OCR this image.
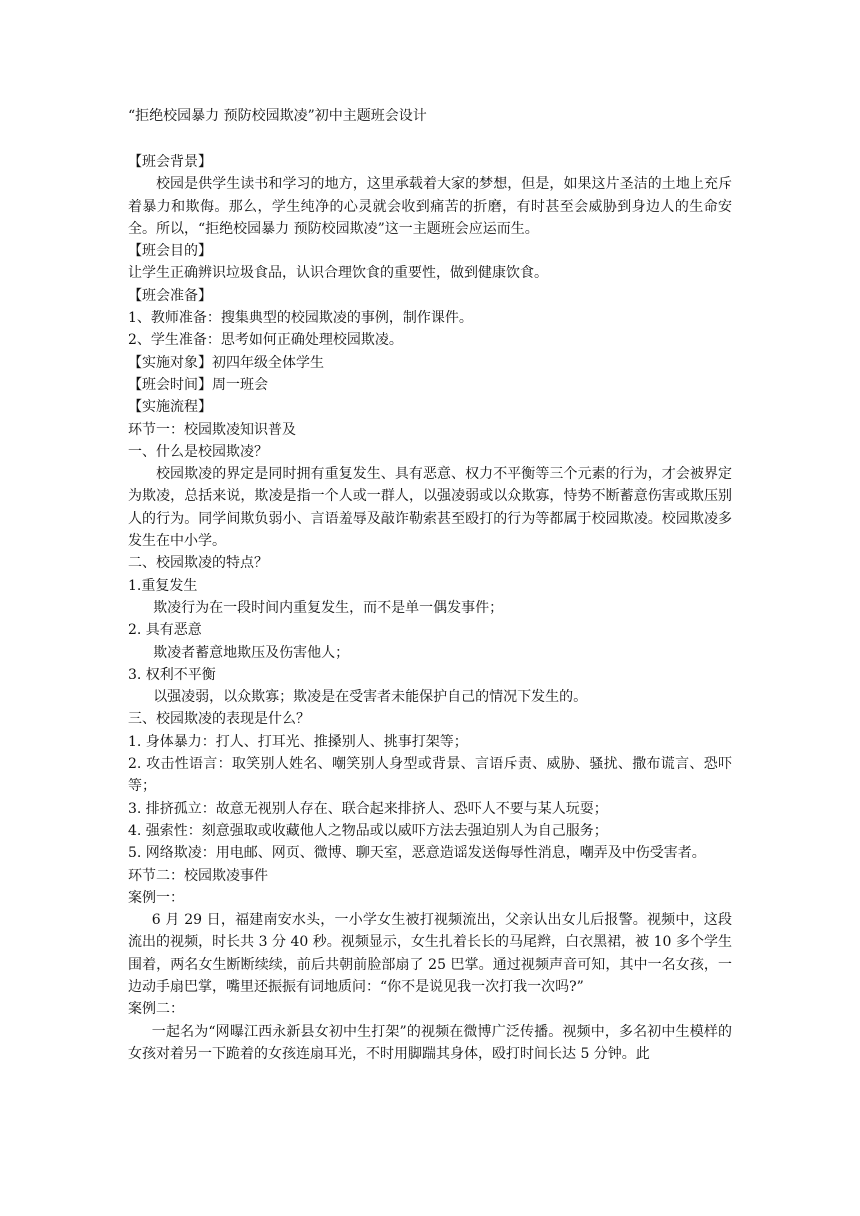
“拒绝校园暴力 预防校园欺凌”初中主题班会设计

【班会背景】

校园是供学生读书和学习的地方，这里承载着大家的梦想，但是，如果这片圣洁的土地上充斥着暴力和欺侮。那么，学生纯净的心灵就会收到痛苦的折磨，有时甚至会威胁到身边人的生命安全。所以，“拒绝校园暴力 预防校园欺凌”这一主题班会应运而生。

【班会目的】

让学生正确辨识垃圾食品，认识合理饮食的重要性，做到健康饮食。

【班会准备】

1、教师准备：搜集典型的校园欺凌的事例，制作课件。

2、学生准备：思考如何正确处理校园欺凌。

【实施对象】初四年级全体学生

【班会时间】周一班会

【实施流程】

环节一：校园欺凌知识普及

一、什么是校园欺凌？

校园欺凌的界定是同时拥有重复发生、具有恶意、权力不平衡等三个元素的行为，才会被界定为欺凌，总括来说，欺凌是指一个人或一群人，以强凌弱或以众欺寡，恃势不断蓄意伤害或欺压别人的行为。同学间欺负弱小、言语羞辱及敲诈勒索甚至殴打的行为等都属于校园欺凌。校园欺凌多发生在中小学。

二、校园欺凌的特点？

1.重复发生

欺凌行为在一段时间内重复发生，而不是单一偶发事件；

2. 具有恶意

欺凌者蓄意地欺压及伤害他人；

3. 权利不平衡

以强凌弱，以众欺寡；欺凌是在受害者未能保护自己的情况下发生的。

三、校园欺凌的表现是什么？

1. 身体暴力：打人、打耳光、推搡别人、挑事打架等；

2. 攻击性语言：取笑别人姓名、嘲笑别人身型或背景、言语斥责、威胁、骚扰、撒布谎言、恐吓等；

3. 排挤孤立：故意无视别人存在、联合起来排挤人、恐吓人不要与某人玩耍；

4. 强索性：刻意强取或收藏他人之物品或以威吓方法去强迫别人为自己服务；

5. 网络欺凌：用电邮、网页、微博、聊天室，恶意造谣发送侮辱性消息，嘲弄及中伤受害者。

环节二：校园欺凌事件

案例一：

6 月 29 日，福建南安水头，一小学女生被打视频流出，父亲认出女儿后报警。视频中，这段流出的视频，时长共 3 分 40 秒。视频显示，女生扎着长长的马尾辫，白衣黑裙，被 10 多个学生围着，两名女生断断续续，前后共朝前脸部扇了 25 巴掌。通过视频声音可知，其中一名女孩，一边动手扇巴掌，嘴里还振振有词地质问：“你不是说见我一次打我一次吗?”

案例二：

一起名为“网曝江西永新县女初中生打架”的视频在微博广泛传播。视频中，多名初中生模样的女孩对着另一下跪着的女孩连扇耳光，不时用脚踹其身体，殴打时间长达 5 分钟。此
